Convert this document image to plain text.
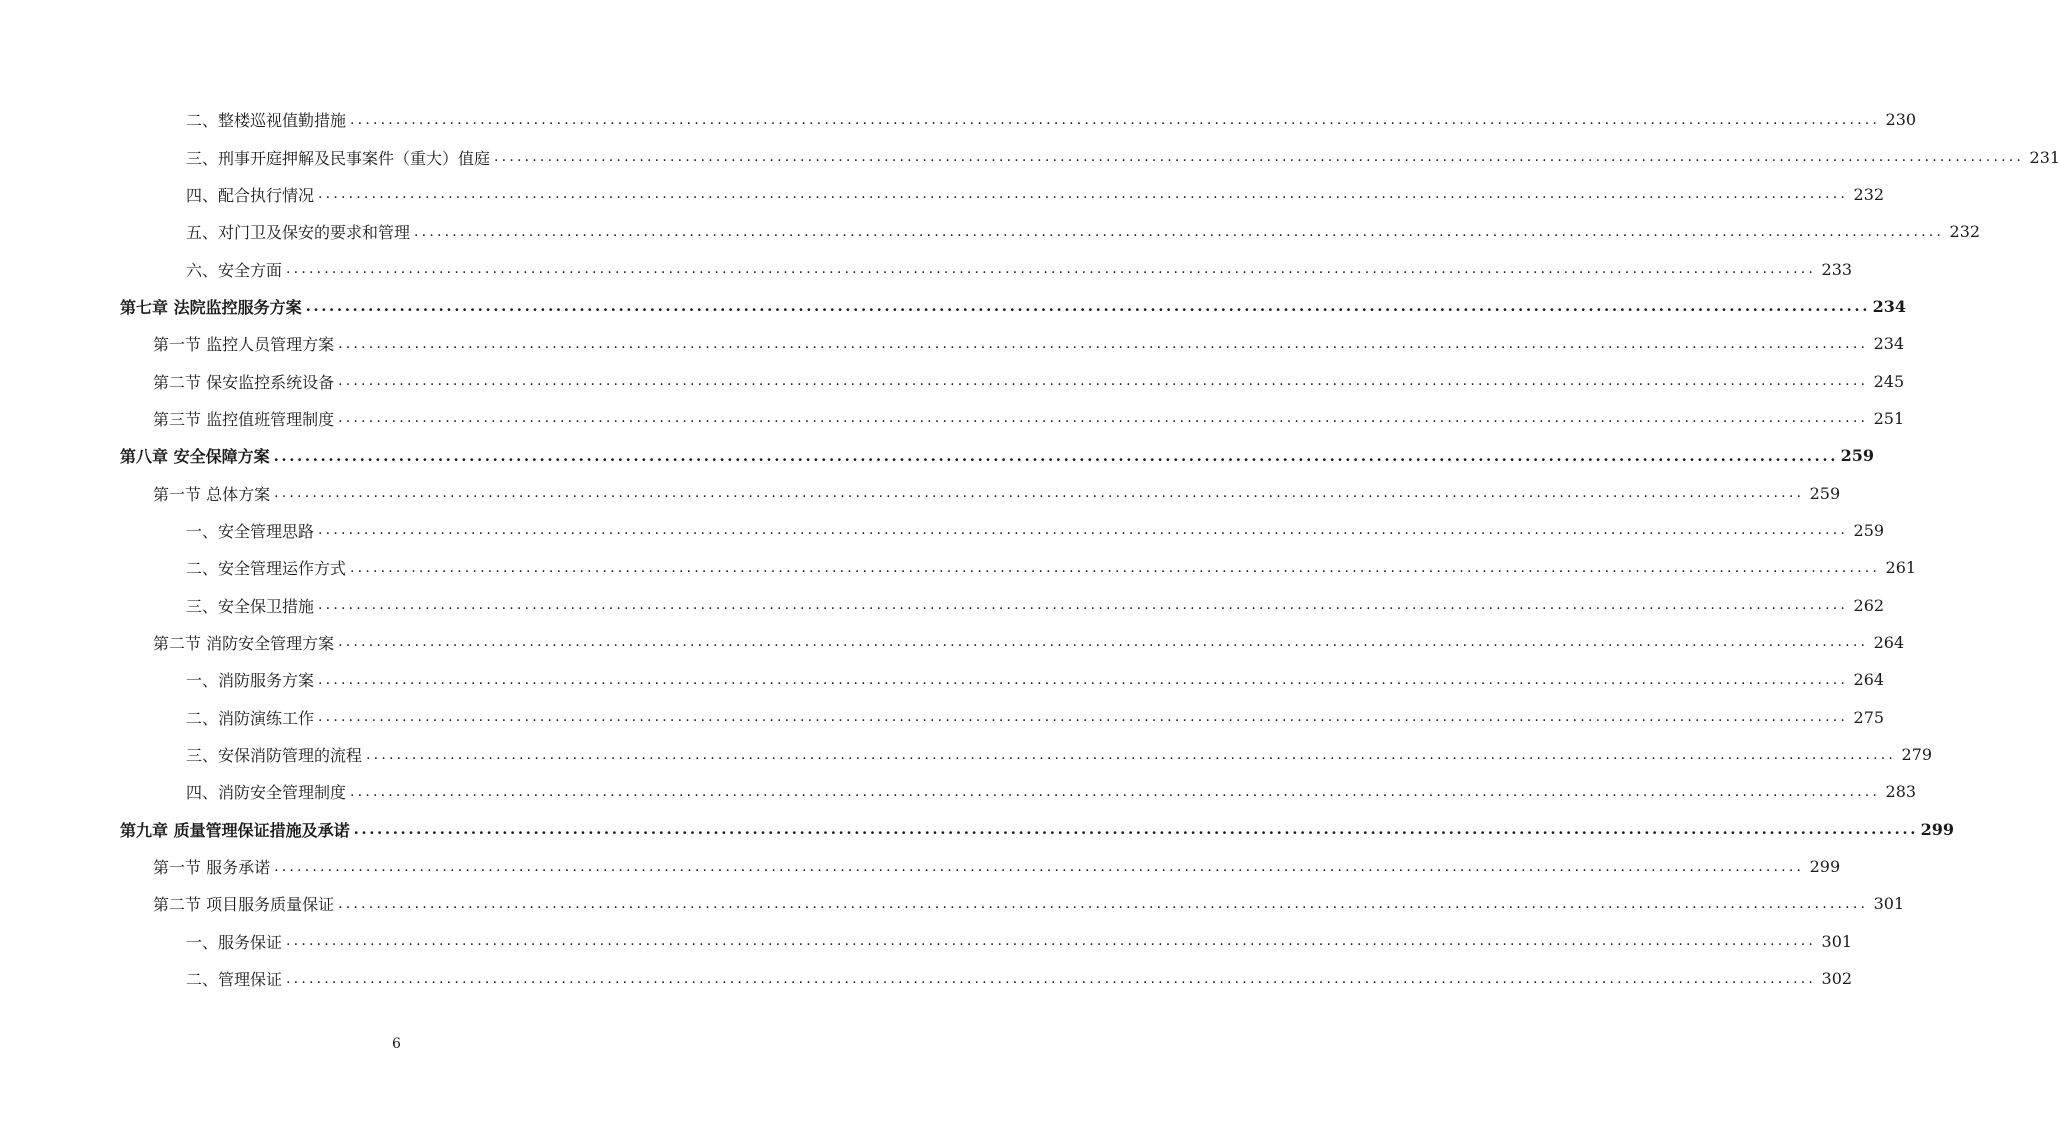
二、整楼巡视值勤措施 ........................................................................................................................................................................................................ 230
三、刑事开庭押解及民事案件（重大）值庭 ........................................................................................................................................................................................................ 231
四、配合执行情况 ........................................................................................................................................................................................................ 232
五、对门卫及保安的要求和管理 ........................................................................................................................................................................................................ 232
六、安全方面 ........................................................................................................................................................................................................ 233
第七章 法院监控服务方案 ........................................................................................................................................................................................................ 234
第一节 监控人员管理方案 ........................................................................................................................................................................................................ 234
第二节 保安监控系统设备 ........................................................................................................................................................................................................ 245
第三节 监控值班管理制度 ........................................................................................................................................................................................................ 251
第八章 安全保障方案 ........................................................................................................................................................................................................ 259
第一节 总体方案 ........................................................................................................................................................................................................ 259
一、安全管理思路 ........................................................................................................................................................................................................ 259
二、安全管理运作方式 ........................................................................................................................................................................................................ 261
三、安全保卫措施 ........................................................................................................................................................................................................ 262
第二节 消防安全管理方案 ........................................................................................................................................................................................................ 264
一、消防服务方案 ........................................................................................................................................................................................................ 264
二、消防演练工作 ........................................................................................................................................................................................................ 275
三、安保消防管理的流程 ........................................................................................................................................................................................................ 279
四、消防安全管理制度 ........................................................................................................................................................................................................ 283
第九章 质量管理保证措施及承诺 ........................................................................................................................................................................................................ 299
第一节 服务承诺 ........................................................................................................................................................................................................ 299
第二节 项目服务质量保证 ........................................................................................................................................................................................................ 301
一、服务保证 ........................................................................................................................................................................................................ 301
二、管理保证 ........................................................................................................................................................................................................ 302
6
